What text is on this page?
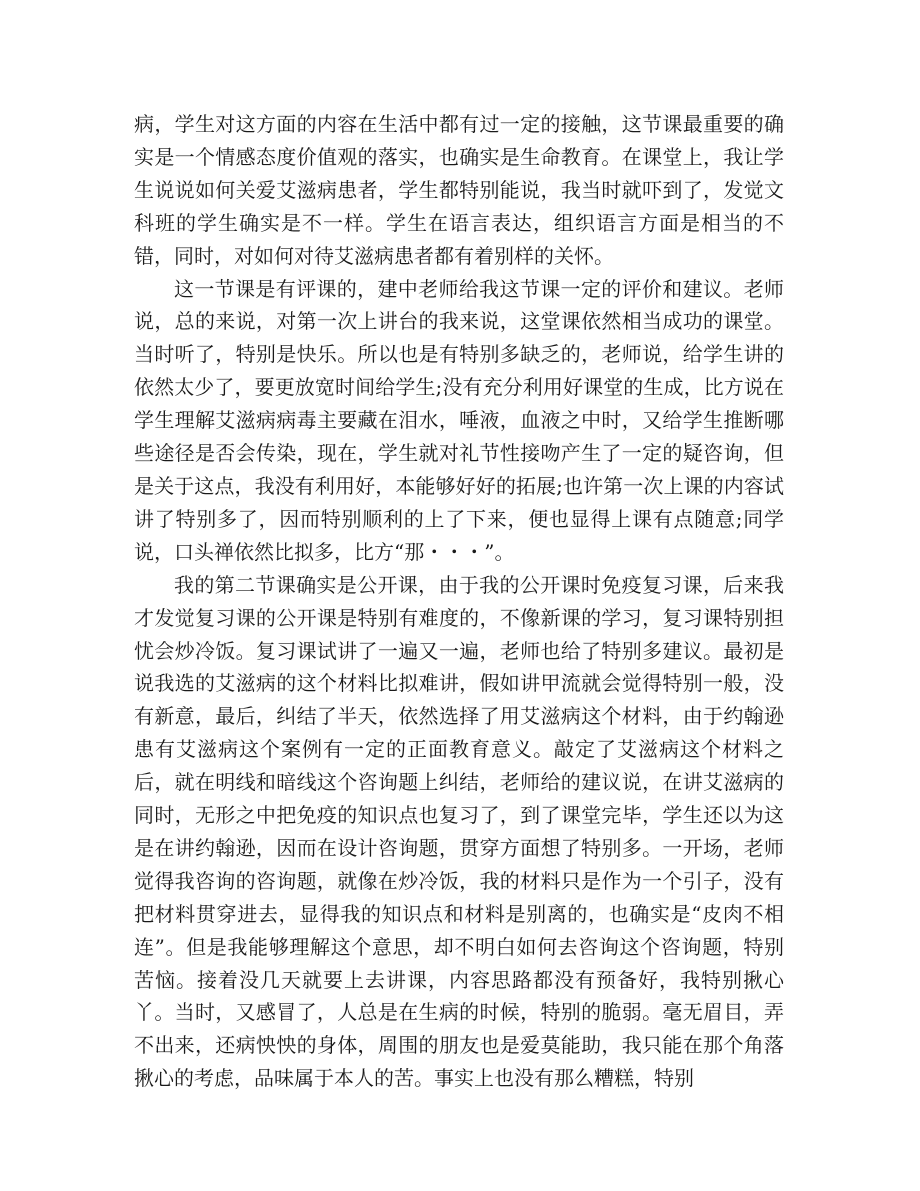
病，学生对这方面的内容在生活中都有过一定的接触，这节课最重要的确实是一个情感态度价值观的落实，也确实是生命教育。在课堂上，我让学生说说如何关爱艾滋病患者，学生都特别能说，我当时就吓到了，发觉文科班的学生确实是不一样。学生在语言表达，组织语言方面是相当的不错，同时，对如何对待艾滋病患者都有着别样的关怀。

这一节课是有评课的，建中老师给我这节课一定的评价和建议。老师说，总的来说，对第一次上讲台的我来说，这堂课依然相当成功的课堂。当时听了，特别是快乐。所以也是有特别多缺乏的，老师说，给学生讲的依然太少了，要更放宽时间给学生;没有充分利用好课堂的生成，比方说在学生理解艾滋病病毒主要藏在泪水，唾液，血液之中时，又给学生推断哪些途径是否会传染，现在，学生就对礼节性接吻产生了一定的疑咨询，但是关于这点，我没有利用好，本能够好好的拓展;也许第一次上课的内容试讲了特别多了，因而特别顺利的上了下来，便也显得上课有点随意;同学说，口头禅依然比拟多，比方“那・・・”。

我的第二节课确实是公开课，由于我的公开课时免疫复习课，后来我才发觉复习课的公开课是特别有难度的，不像新课的学习，复习课特别担忧会炒冷饭。复习课试讲了一遍又一遍，老师也给了特别多建议。最初是说我选的艾滋病的这个材料比拟难讲，假如讲甲流就会觉得特别一般，没有新意，最后，纠结了半天，依然选择了用艾滋病这个材料，由于约翰逊患有艾滋病这个案例有一定的正面教育意义。敲定了艾滋病这个材料之后，就在明线和暗线这个咨询题上纠结，老师给的建议说，在讲艾滋病的同时，无形之中把免疫的知识点也复习了，到了课堂完毕，学生还以为这是在讲约翰逊，因而在设计咨询题，贯穿方面想了特别多。一开场，老师觉得我咨询的咨询题，就像在炒冷饭，我的材料只是作为一个引子，没有把材料贯穿进去，显得我的知识点和材料是别离的，也确实是“皮肉不相连”。但是我能够理解这个意思，却不明白如何去咨询这个咨询题，特别苦恼。接着没几天就要上去讲课，内容思路都没有预备好，我特别揪心丫。当时，又感冒了，人总是在生病的时候，特别的脆弱。毫无眉目，弄不出来，还病怏怏的身体，周围的朋友也是爱莫能助，我只能在那个角落揪心的考虑，品味属于本人的苦。事实上也没有那么糟糕，特别
